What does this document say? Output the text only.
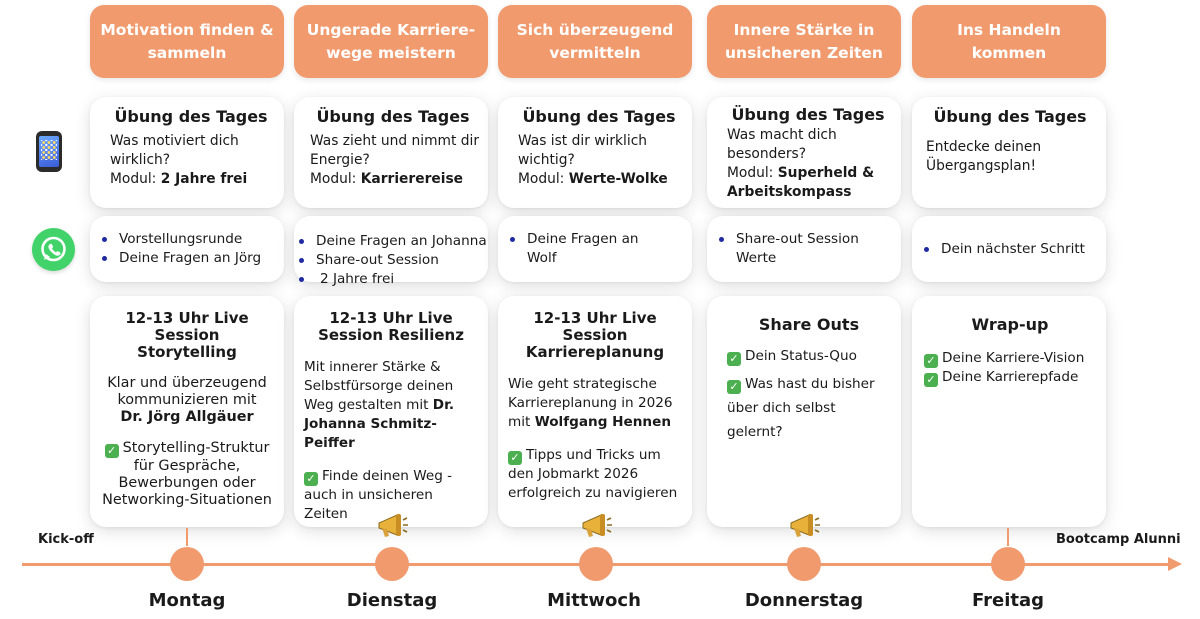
Motivation finden & sammeln
Übung des Tages
Was motiviert dich wirklich?
Modul: 2 Jahre frei
Vorstellungsrunde
Deine Fragen an Jörg
12-13 Uhr Live Session Storytelling
Klar und überzeugend kommunizieren mit
Dr. Jörg Allgäuer
✓ Storytelling-Struktur für Gespräche, Bewerbungen oder Networking-Situationen
Ungerade Karriere-wege meistern
Übung des Tages
Was zieht und nimmt dir Energie?
Modul: Karrierereise
Deine Fragen an Johanna
Share-out Session
2 Jahre frei
12-13 Uhr Live Session Resilienz
Mit innerer Stärke & Selbstfürsorge deinen Weg gestalten mit Dr. Johanna Schmitz-Peiffer
✓ Finde deinen Weg - auch in unsicheren Zeiten
Sich überzeugend vermitteln
Übung des Tages
Was ist dir wirklich wichtig?
Modul: Werte-Wolke
Deine Fragen an Wolf
12-13 Uhr Live Session Karriereplanung
Wie geht strategische Karriereplanung in 2026 mit Wolfgang Hennen
✓ Tipps und Tricks um den Jobmarkt 2026 erfolgreich zu navigieren
Innere Stärke in unsicheren Zeiten
Übung des Tages
Was macht dich besonders?
Modul: Superheld & Arbeitskompass
Share-out Session Werte
Share Outs
✓ Dein Status-Quo
✓ Was hast du bisher über dich selbst gelernt?
Ins Handeln kommen
Übung des Tages
Entdecke deinen Übergangsplan!
Dein nächster Schritt
Wrap-up
✓ Deine Karriere-Vision
✓ Deine Karrierepfade
Kick-off	Bootcamp Alunni
Montag	Dienstag	Mittwoch	Donnerstag	Freitag
